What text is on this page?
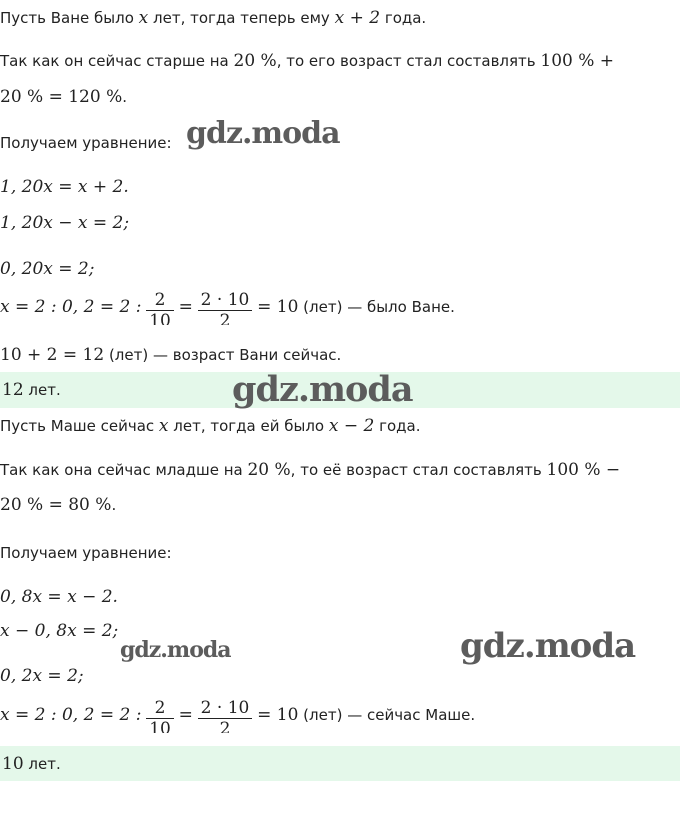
Пусть Ване было x лет, тогда теперь ему x + 2 года.
Так как он сейчас старше на 20 %, то его возраст стал составлять 100 % +
20 % = 120 %.
Получаем уравнение:
1, 20x = x + 2.
1, 20x − x = 2;
0, 20x = 2;
x = 2 : 0, 2 = 2 : $\frac{2}{10} = \frac{2 \cdot 10}{2} = 10$ (лет) — было Ване.
10 + 2 = 12 (лет) — возраст Вани сейчас.
12 лет.
Пусть Маше сейчас x лет, тогда ей было x − 2 года.
Так как она сейчас младше на 20 %, то её возраст стал составлять 100 % −
20 % = 80 %.
Получаем уравнение:
0, 8x = x − 2.
x − 0, 8x = 2;
0, 2x = 2;
x = 2 : 0, 2 = 2 : $\frac{2}{10} = \frac{2 \cdot 10}{2} = 10$ (лет) — сейчас Маше.
10 лет.
gdz.moda
gdz.moda
gdz.moda	gdz.moda
